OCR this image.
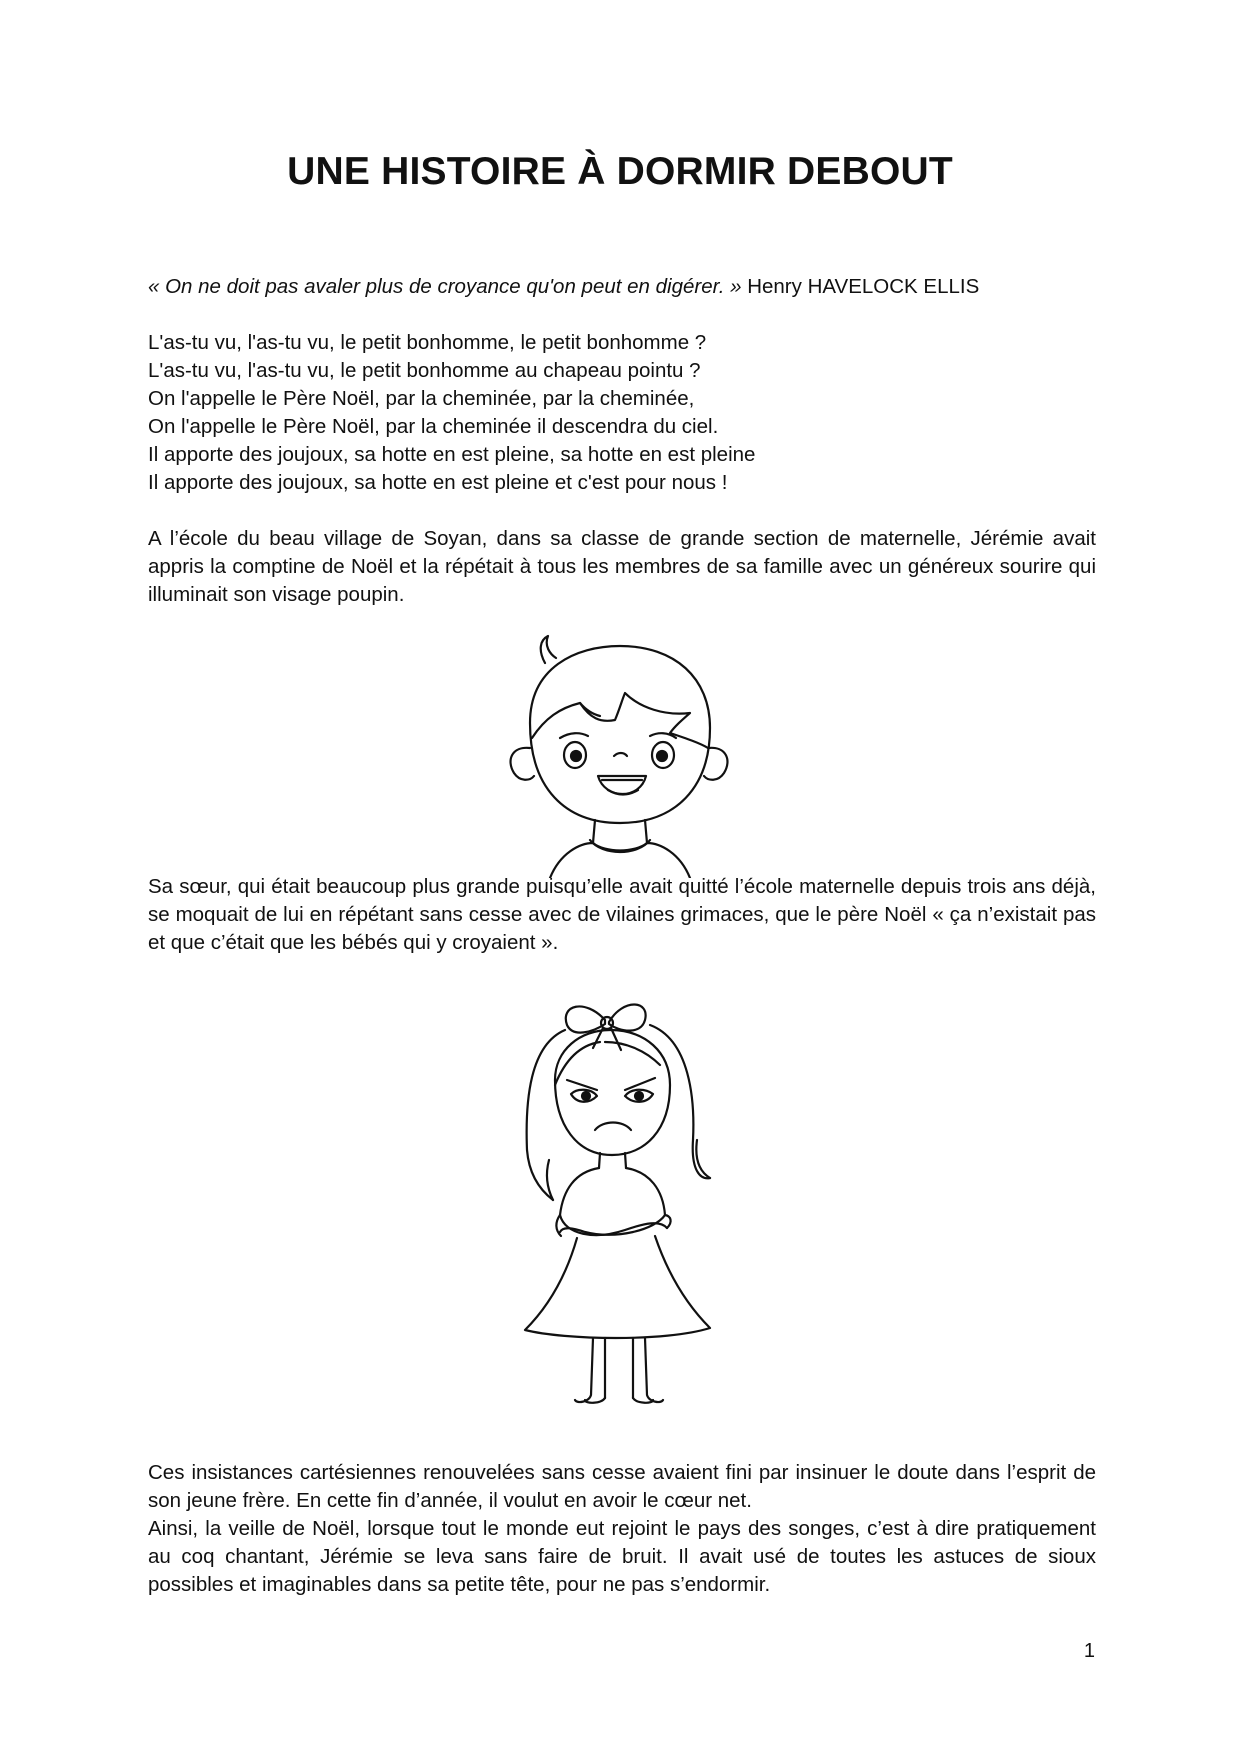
UNE HISTOIRE À DORMIR DEBOUT
« On ne doit pas avaler plus de croyance qu'on peut en digérer. » Henry HAVELOCK ELLIS
L'as-tu vu, l'as-tu vu, le petit bonhomme, le petit bonhomme ?
L'as-tu vu, l'as-tu vu, le petit bonhomme au chapeau pointu ?
On l'appelle le Père Noël, par la cheminée, par la cheminée,
On l'appelle le Père Noël, par la cheminée il descendra du ciel.
Il apporte des joujoux, sa hotte en est pleine, sa hotte en est pleine
Il apporte des joujoux, sa hotte en est pleine et c'est pour nous !
A l’école du beau village de Soyan, dans sa classe de grande section de maternelle, Jérémie avait appris la comptine de Noël et la répétait à tous les membres de sa famille avec un généreux sourire qui illuminait son visage poupin.
Sa sœur, qui était beaucoup plus grande puisqu’elle avait quitté l’école maternelle depuis trois ans déjà, se moquait de lui en répétant sans cesse avec de vilaines grimaces, que le père Noël « ça n’existait pas et que c’était que les bébés qui y croyaient ».
Ces insistances cartésiennes renouvelées sans cesse avaient fini par insinuer le doute dans l’esprit de son jeune frère. En cette fin d’année, il voulut en avoir le cœur net.
Ainsi, la veille de Noël, lorsque tout le monde eut rejoint le pays des songes, c’est à dire pratiquement au coq chantant, Jérémie se leva sans faire de bruit. Il avait usé de toutes les astuces de sioux possibles et imaginables dans sa petite tête, pour ne pas s’endormir.
1
